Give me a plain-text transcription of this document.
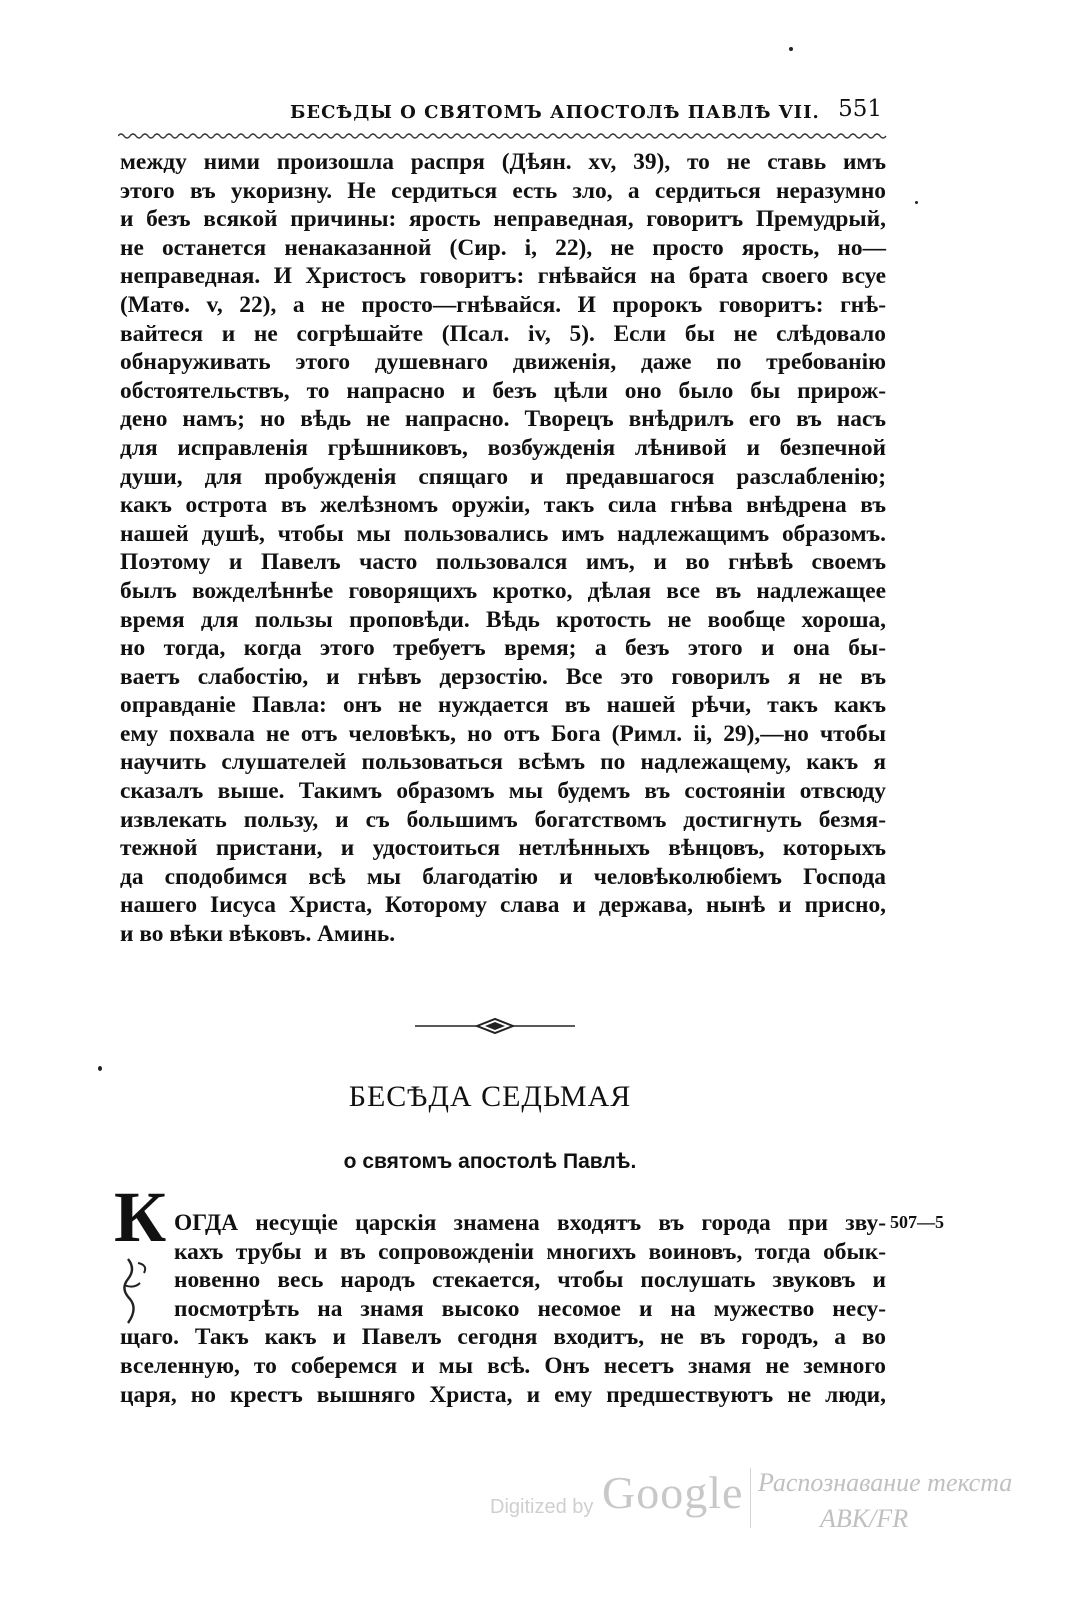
БЕСѢДЫ О СВЯТОМЪ АПОСТОЛѢ ПАВЛѢ VII. 551
между ними произошла распря (Дѣян. xv, 39), то не ставь имъ
этого въ укоризну. Не сердиться есть зло, а сердиться неразумно
и безъ всякой причины: ярость неправедная, говоритъ Премудрый,
не останется ненаказанной (Сир. i, 22), не просто ярость, но—
неправедная. И Христосъ говоритъ: гнѣвайся на брата своего всуе
(Матѳ. v, 22), а не просто—гнѣвайся. И пророкъ говоритъ: гнѣ-
вайтеся и не согрѣшайте (Псал. iv, 5). Если бы не слѣдовало
обнаруживать этого душевнаго движенія, даже по требованію
обстоятельствъ, то напрасно и безъ цѣли оно было бы прирож-
дено намъ; но вѣдь не напрасно. Творецъ внѣдрилъ его въ насъ
для исправленія грѣшниковъ, возбужденія лѣнивой и безпечной
души, для пробужденія спящаго и предавшагося разслабленію;
какъ острота въ желѣзномъ оружіи, такъ сила гнѣва внѣдрена въ
нашей душѣ, чтобы мы пользовались имъ надлежащимъ образомъ.
Поэтому и Павелъ часто пользовался имъ, и во гнѣвѣ своемъ
былъ вожделѣннѣе говорящихъ кротко, дѣлая все въ надлежащее
время для пользы проповѣди. Вѣдь кротость не вообще хороша,
но тогда, когда этого требуетъ время; а безъ этого и она бы-
ваетъ слабостію, и гнѣвъ дерзостію. Все это говорилъ я не въ
оправданіе Павла: онъ не нуждается въ нашей рѣчи, такъ какъ
ему похвала не отъ человѣкъ, но отъ Бога (Римл. ii, 29),—но чтобы
научить слушателей пользоваться всѣмъ по надлежащему, какъ я
сказалъ выше. Такимъ образомъ мы будемъ въ состояніи отвсюду
извлекать пользу, и съ большимъ богатствомъ достигнуть безмя-
тежной пристани, и удостоиться нетлѣнныхъ вѣнцовъ, которыхъ
да сподобимся всѣ мы благодатію и человѣколюбіемъ Господа
нашего Іисуса Христа, Которому слава и держава, нынѣ и присно,
и во вѣки вѣковъ. Аминь.
БЕСѢДА СЕДЬМАЯ
о святомъ апостолѣ Павлѣ.
К ОГДА несущіе царскія знамена входятъ въ города при зву-
кахъ трубы и въ сопровожденіи многихъ воиновъ, тогда обык-
новенно весь народъ стекается, чтобы послушать звуковъ и
посмотрѣть на знамя высоко несомое и на мужество несу-
щаго. Такъ какъ и Павелъ сегодня входитъ, не въ городъ, а во
вселенную, то соберемся и мы всѣ. Онъ несетъ знамя не земного
царя, но крестъ вышняго Христа, и ему предшествуютъ не люди,
507—5
Digitized by Google Распознавание текста
ABK/FR
